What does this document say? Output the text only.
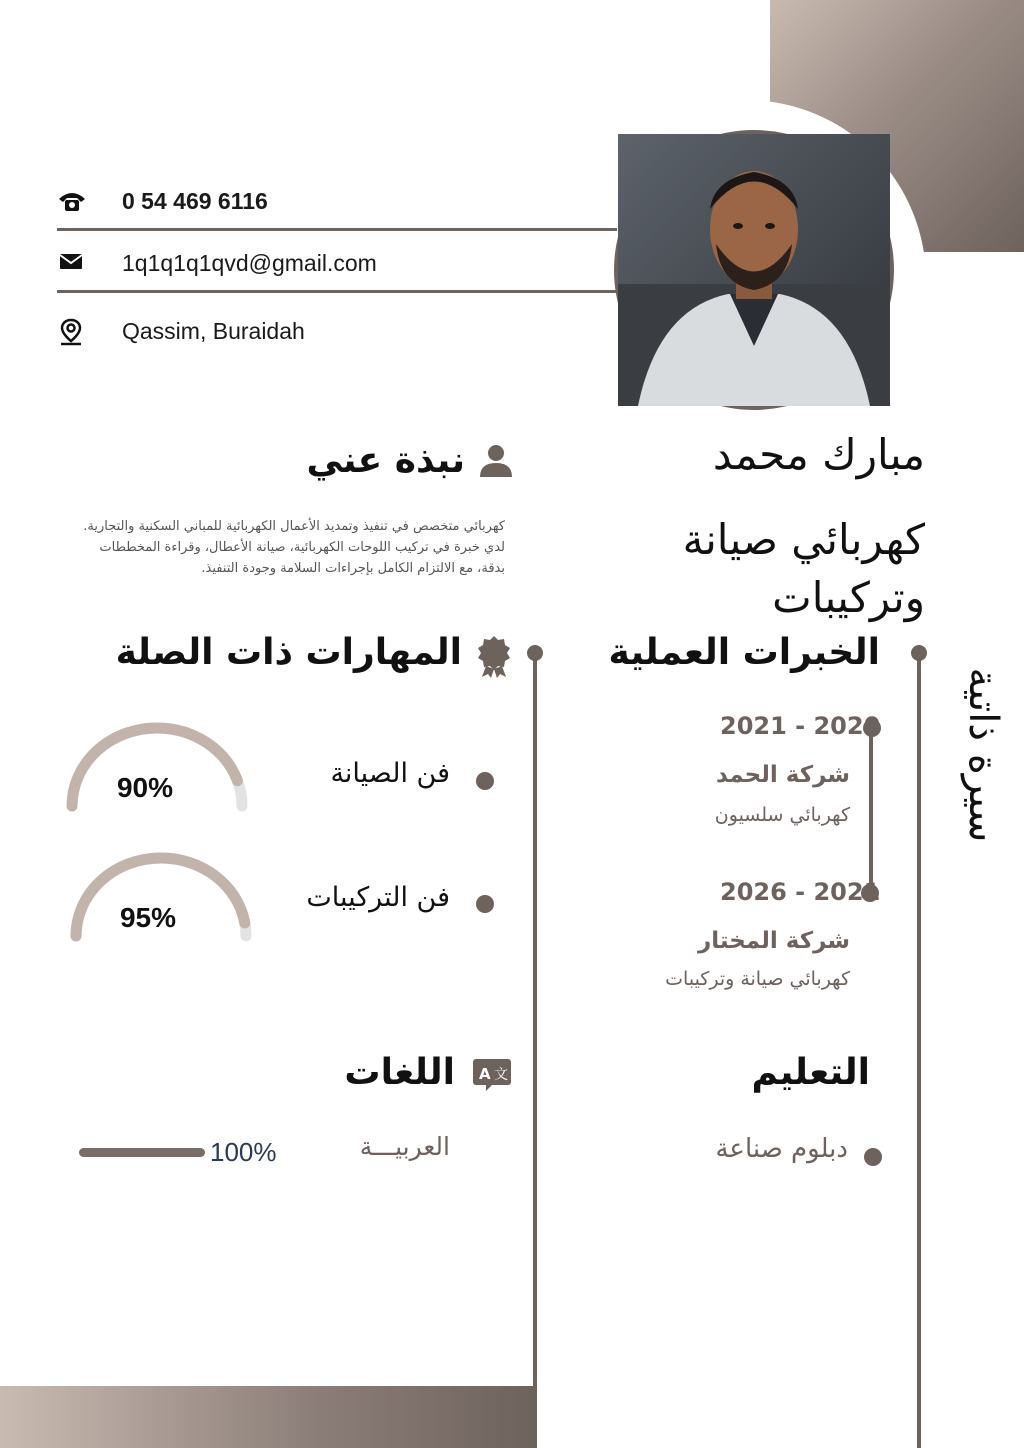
0 54 469 6116
1q1q1q1qvd@gmail.com
Qassim, Buraidah
مبارك محمد
كهربائي صيانة
وتركيبات
سيرة ذاتية
نبذة عني
كهربائي متخصص في تنفيذ وتمديد الأعمال الكهربائية للمباني السكنية والتجارية.
لدي خبرة في تركيب اللوحات الكهربائية، صيانة الأعطال، وقراءة المخططات
بدقة، مع الالتزام الكامل بإجراءات السلامة وجودة التنفيذ.
الخبرات العملية
2021 - 2020
شركة الحمد
كهربائي سلسيون
2026 - 2021
شركة المختار
كهربائي صيانة وتركيبات
المهارات ذات الصلة
فن الصيانة
90%
فن التركيبات
95%
اللغات A 文
العربيـــة
100%
التعليم
دبلوم صناعة
